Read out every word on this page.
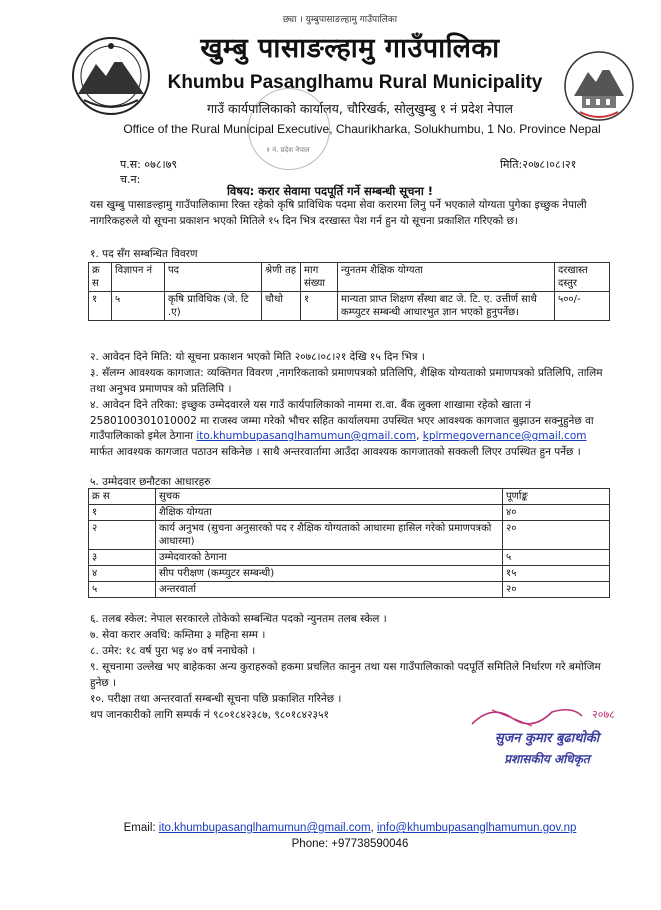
छ्या । युम्बुपासाङल्हामु गाउँपालिका
खुम्बु पासाङल्हामु गाउँपालिका
Khumbu Pasanglhamu Rural Municipality
गाउँ कार्यपालिकाको कार्यालय, चौरिखर्क, सोलुखुम्बु १ नं प्रदेश नेपाल
Office of the Rural Municipal Executive, Chaurikharka, Solukhumbu, 1 No. Province Nepal
१ नं. प्रदेश नेपाल
प.स: ०७८।७९
च.न:
मिति:२०७८।०८।२१
विषय: करार सेवामा पदपूर्ति गर्ने सम्बन्धी सूचना !
यस खुम्बु पासाङल्हामु गाउँपालिकामा रिक्त रहेको कृषि प्राविधिक पदमा सेवा करारमा लिनु पर्ने भएकाले योग्यता पुगेका इच्छुक नेपाली नागरिकहरुले यो सूचना प्रकाशन भएको मितिले १५ दिन भित्र दरखास्त पेश गर्न हुन यो सूचना प्रकाशित गरिएको छ।
१. पद सँग सम्बन्धित विवरण
क्र स	विज्ञापन नं	पद	श्रेणी तह	माग संख्या	न्युनतम शैक्षिक योग्यता	दरखास्त दस्तुर
१	५	कृषि प्राविधिक (जे. टि .ए)	चौथो	१	मान्यता प्राप्त शिक्षण सँस्था बाट जे. टि. ए. उत्तीर्ण साथै कम्प्युटर सम्बन्धी आधारभुत ज्ञान भएको हुनुपर्नेछ।	५००/-
२. आवेदन दिने मिति: यो सूचना प्रकाशन भएको मिति २०७८।०८।२१ देखि १५ दिन भित्र ।
३. सँलग्न आवश्यक कागजात: व्यक्तिगत विवरण ,नागरिकताको प्रमाणपत्रको प्रतिलिपि, शैक्षिक योग्यताको प्रमाणपत्रको प्रतिलिपि, तालिम तथा अनुभव प्रमाणपत्र को प्रतिलिपि ।
४. आवेदन दिने तरिका: इच्छुक उम्मेदवारले यस गाउँ कार्यपालिकाको नाममा रा.वा. बैंक लुक्ला शाखामा रहेको खाता नं 2580100301010002 मा राजस्व जम्मा गरेको भौचर सहित कार्यालयमा उपस्थित भएर आवश्यक कागजात बुझाउन सक्नुहुनेछ वा गाउँपालिकाको इमेल ठेगाना ito.khumbupasanglhamumun@gmail.com, kplrmegovernance@gmail.com मार्फत आवश्यक कागजात पठाउन सकिनेछ । साथै अन्तरवार्तामा आउँदा आवश्यक कागजातको सक्कली लिएर उपस्थित हुन पर्नेछ ।
५. उम्मेदवार छनौटका आधारहरु
क्र स	सुचक	पूर्णाङ्क
१	शैक्षिक योग्यता	४०
२	कार्य अनुभव (सुचना अनुसारको पद र शैक्षिक योग्यताको आधारमा हासिल गरेको प्रमाणपत्रको आधारमा)	२०
३	उम्मेदवारको ठेगाना	५
४	सीप परीक्षण (कम्प्युटर सम्बन्धी)	१५
५	अन्तरवार्ता	२०
६. तलब स्केल: नेपाल सरकारले तोकेको सम्बन्धित पदको न्युनतम तलब स्केल ।
७. सेवा करार अवधि: कम्तिमा ३ महिना सम्म ।
८. उमेर: १८ वर्ष पुरा भइ ४० वर्ष ननाघेको ।
९. सूचनामा उल्लेख भए बाहेकका अन्य कुराहरुको हकमा प्रचलित कानुन तथा यस गाउँपालिकाको पदपूर्ति समितिले निर्धारण गरे बमोजिम हुनेछ ।
१०. परीक्षा तथा अन्तरवार्ता सम्बन्धी सूचना पछि प्रकाशित गरिनेछ ।
थप जानकारीको लागि सम्पर्क नं ९८०१८४२३८७, ९८०१८४२३५१	२०७८
सुजन कुमार बुढाथोकी
प्रशासकीय अधिकृत
Email: ito.khumbupasanglhamumun@gmail.com, info@khumbupasanglhamumun.gov.np
Phone: +97738590046
